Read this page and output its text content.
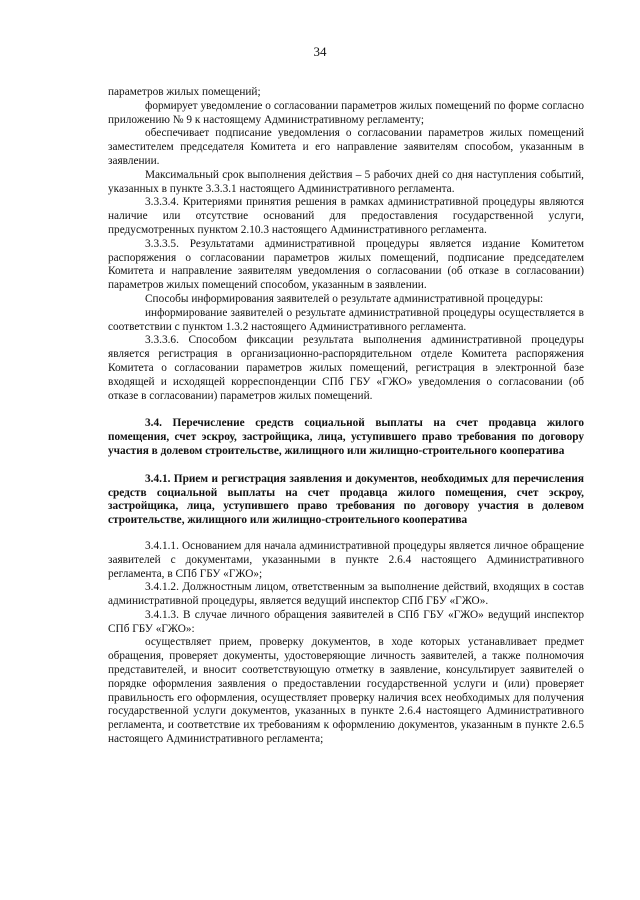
34

параметров жилых помещений;

формирует уведомление о согласовании параметров жилых помещений по форме согласно приложению № 9 к настоящему Административному регламенту;

обеспечивает подписание уведомления о согласовании параметров жилых помещений заместителем председателя Комитета и его направление заявителям способом, указанным в заявлении.

Максимальный срок выполнения действия – 5 рабочих дней со дня наступления событий, указанных в пункте 3.3.3.1 настоящего Административного регламента.

3.3.3.4. Критериями принятия решения в рамках административной процедуры являются наличие или отсутствие оснований для предоставления государственной услуги, предусмотренных пунктом 2.10.3 настоящего Административного регламента.

3.3.3.5. Результатами административной процедуры является издание Комитетом распоряжения о согласовании параметров жилых помещений, подписание председателем Комитета и направление заявителям уведомления о согласовании (об отказе в согласовании) параметров жилых помещений способом, указанным в заявлении.

Способы информирования заявителей о результате административной процедуры:

информирование заявителей о результате административной процедуры осуществляется в соответствии с пунктом 1.3.2 настоящего Административного регламента.

3.3.3.6. Способом фиксации результата выполнения административной процедуры является регистрация в организационно-распорядительном отделе Комитета распоряжения Комитета о согласовании параметров жилых помещений, регистрация в электронной базе входящей и исходящей корреспонденции СПб ГБУ «ГЖО» уведомления о согласовании (об отказе в согласовании) параметров жилых помещений.

3.4. Перечисление средств социальной выплаты на счет продавца жилого помещения, счет эскроу, застройщика, лица, уступившего право требования по договору участия в долевом строительстве, жилищного или жилищно-строительного кооператива

3.4.1. Прием и регистрация заявления и документов, необходимых для перечисления средств социальной выплаты на счет продавца жилого помещения, счет эскроу, застройщика, лица, уступившего право требования по договору участия в долевом строительстве, жилищного или жилищно-строительного кооператива

3.4.1.1. Основанием для начала административной процедуры является личное обращение заявителей с документами, указанными в пункте 2.6.4 настоящего Административного регламента, в СПб ГБУ «ГЖО»;

3.4.1.2. Должностным лицом, ответственным за выполнение действий, входящих в состав административной процедуры, является ведущий инспектор СПб ГБУ «ГЖО».

3.4.1.3. В случае личного обращения заявителей в СПб ГБУ «ГЖО» ведущий инспектор СПб ГБУ «ГЖО»:

осуществляет прием, проверку документов, в ходе которых устанавливает предмет обращения, проверяет документы, удостоверяющие личность заявителей, а также полномочия представителей, и вносит соответствующую отметку в заявление, консультирует заявителей о порядке оформления заявления о предоставлении государственной услуги и (или) проверяет правильность его оформления, осуществляет проверку наличия всех необходимых для получения государственной услуги документов, указанных в пункте 2.6.4 настоящего Административного регламента, и соответствие их требованиям к оформлению документов, указанным в пункте 2.6.5 настоящего Административного регламента;
